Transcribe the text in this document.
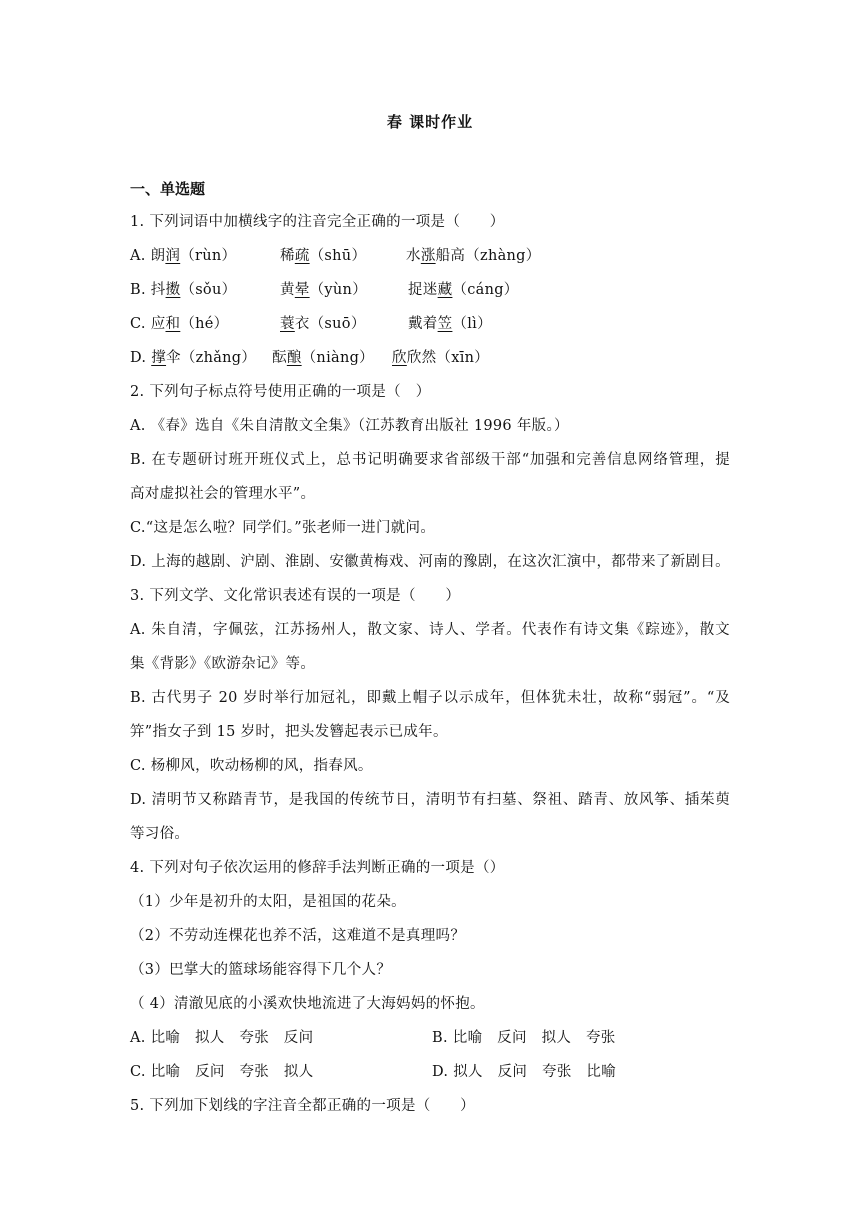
春 课时作业
一、单选题
1. 下列词语中加横线字的注音完全正确的一项是（　　）
A. 朗润（rùn）	稀疏（shū）	水涨船高（zhàng）
B. 抖擞（sǒu）	黄晕（yùn）	捉迷藏（cáng）
C. 应和（hé）	蓑衣（suō）	戴着笠（lì）
D. 撑伞（zhǎng） 酝酿（niàng） 欣欣然（xīn）
2. 下列句子标点符号使用正确的一项是（　）
A. 《春》选自《朱自清散文全集》（江苏教育出版社 1996 年版。）
B. 在专题研讨班开班仪式上，总书记明确要求省部级干部“加强和完善信息网络管理，提
高对虚拟社会的管理水平”。
C.“这是怎么啦？同学们。”张老师一进门就问。
D. 上海的越剧、沪剧、淮剧、安徽黄梅戏、河南的豫剧，在这次汇演中，都带来了新剧目。
3. 下列文学、文化常识表述有误的一项是（　　）
A. 朱自清，字佩弦，江苏扬州人，散文家、诗人、学者。代表作有诗文集《踪迹》，散文
集《背影》《欧游杂记》等。
B. 古代男子 20 岁时举行加冠礼，即戴上帽子以示成年，但体犹未壮，故称“弱冠”。“及
笄”指女子到 15 岁时，把头发簪起表示已成年。
C. 杨柳风，吹动杨柳的风，指春风。
D. 清明节又称踏青节，是我国的传统节日，清明节有扫墓、祭祖、踏青、放风筝、插茱萸
等习俗。
4. 下列对句子依次运用的修辞手法判断正确的一项是（）
（1）少年是初升的太阳，是祖国的花朵。
（2）不劳动连棵花也养不活，这难道不是真理吗？
（3）巴掌大的篮球场能容得下几个人？
（ 4）清澈见底的小溪欢快地流进了大海妈妈的怀抱。
A. 比喻　拟人　夸张　反问	B. 比喻　反问　拟人　夸张
C. 比喻　反问　夸张　拟人	D. 拟人　反问　夸张　比喻
5. 下列加下划线的字注音全都正确的一项是（　　）
